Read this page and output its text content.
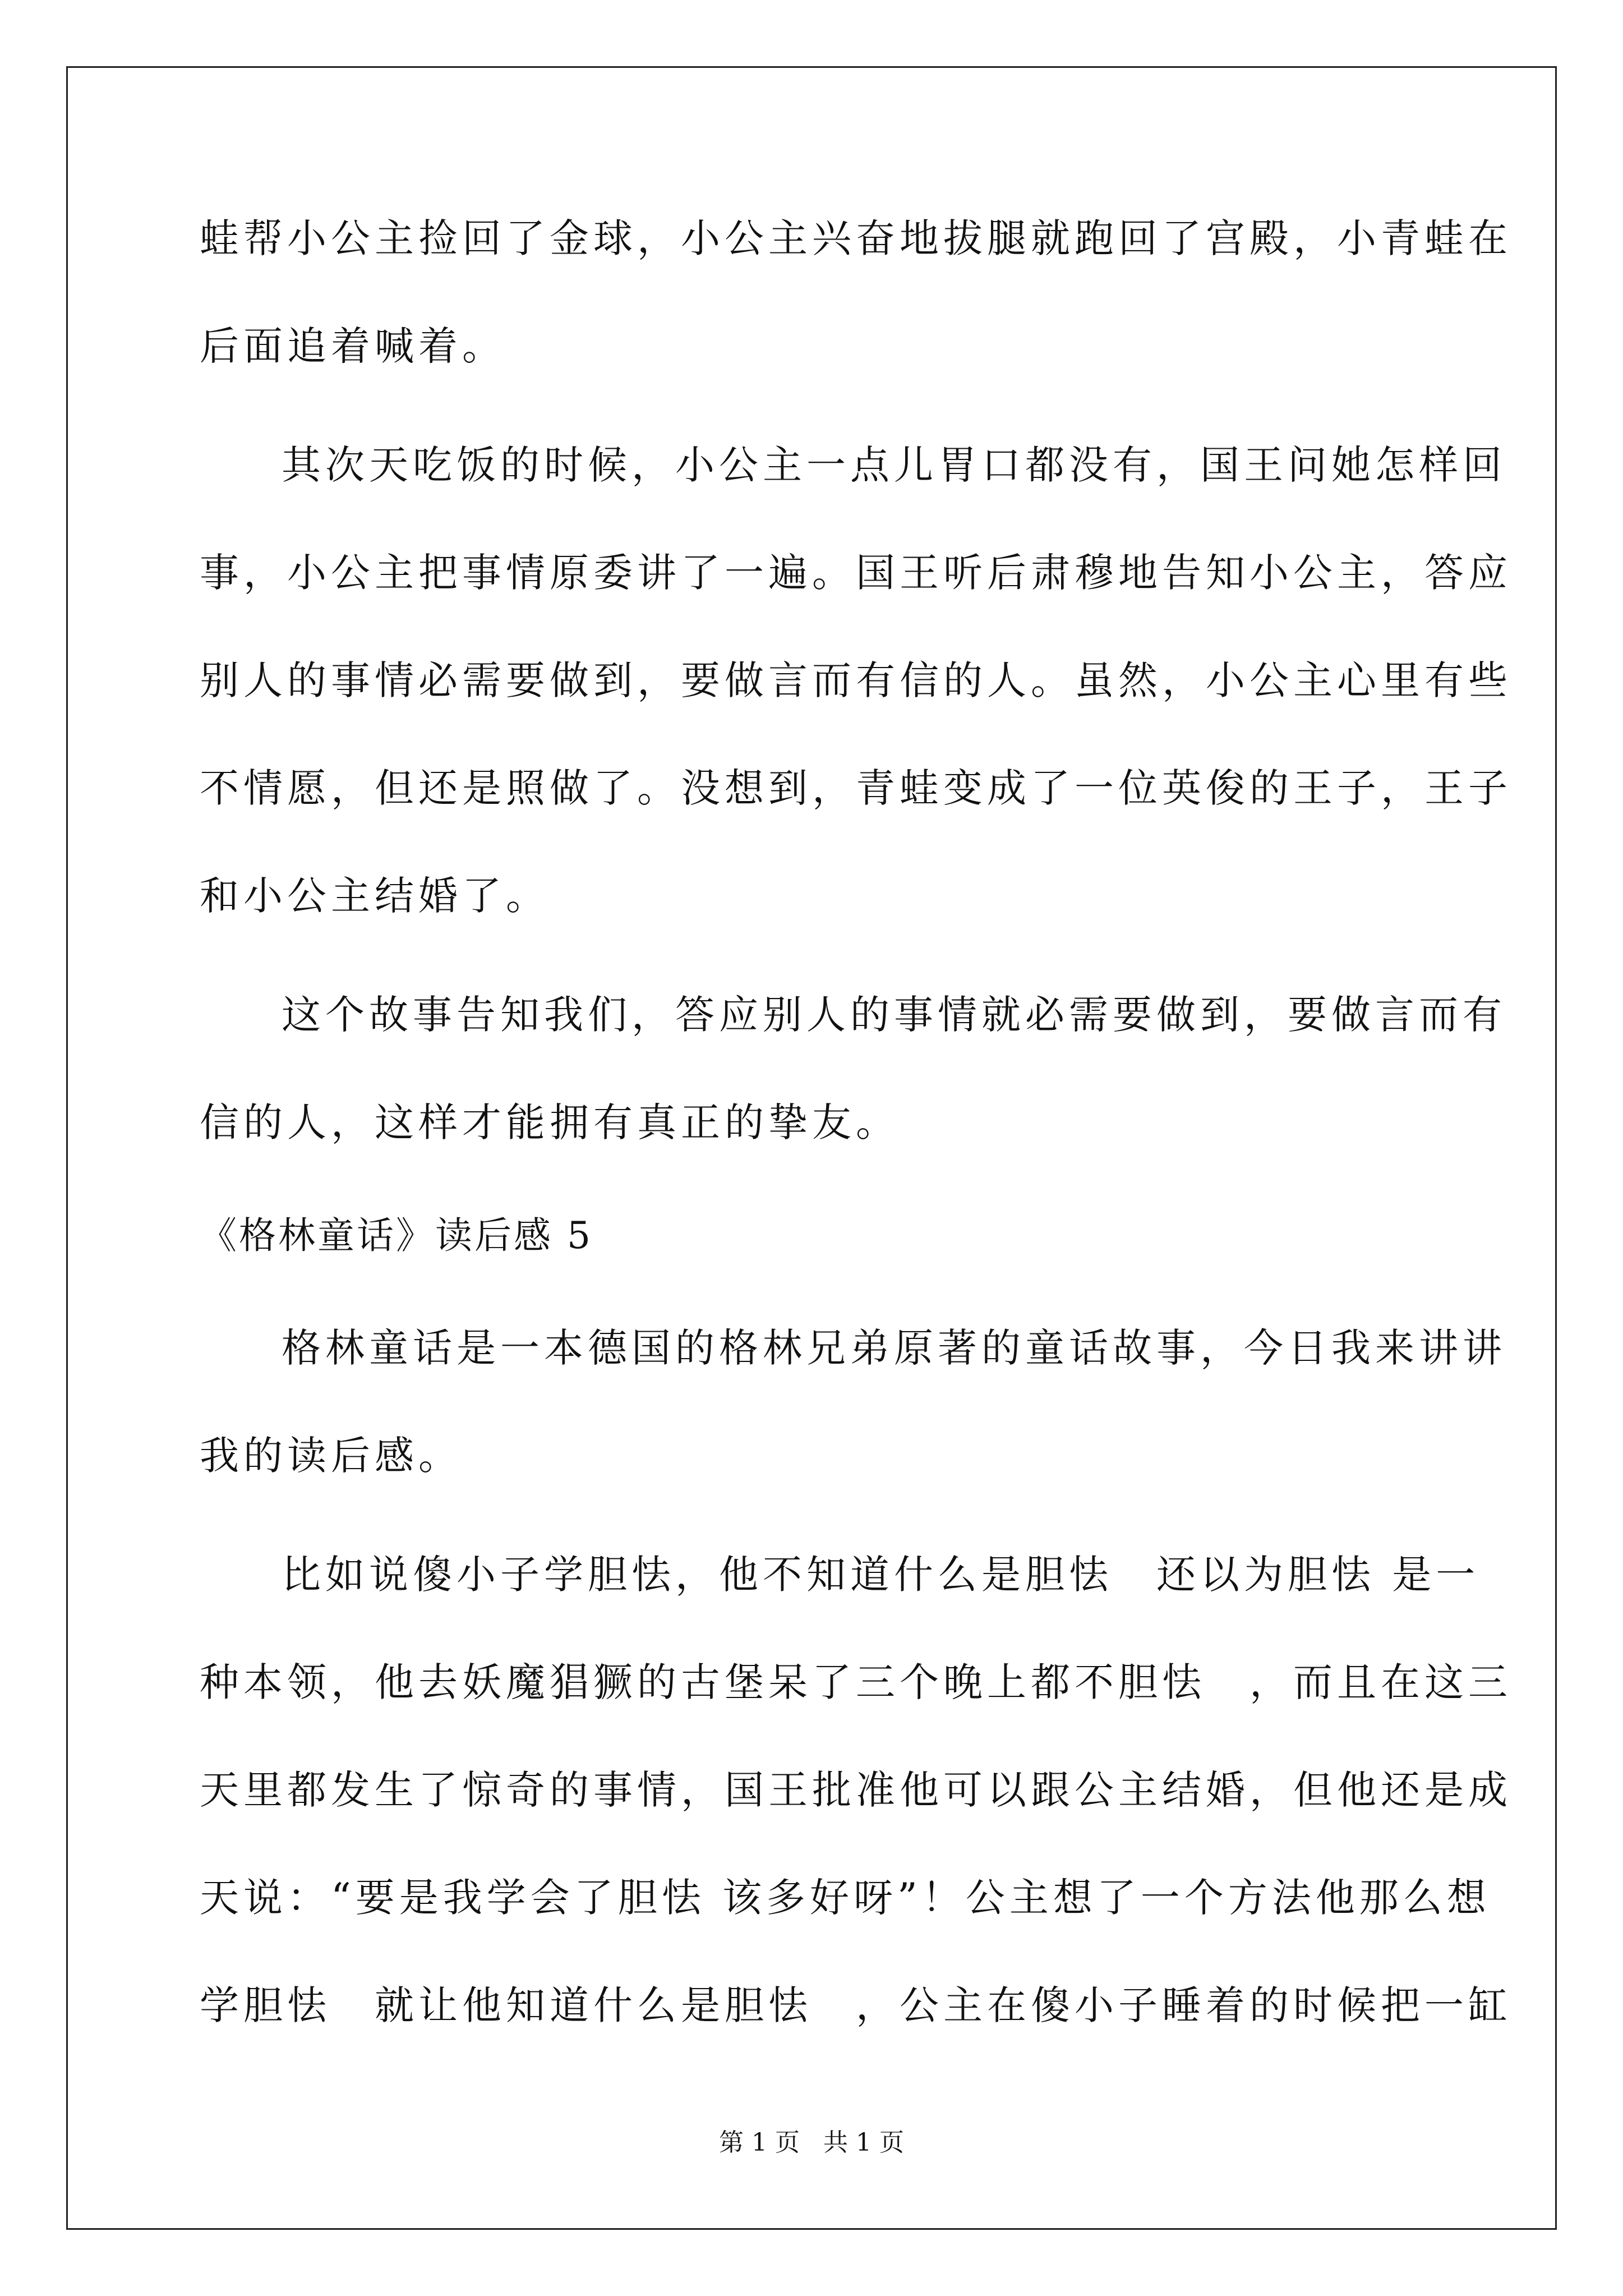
蛙帮小公主捡回了金球，小公主兴奋地拔腿就跑回了宫殿，小青蛙在
后面追着喊着。
其次天吃饭的时候，小公主一点儿胃口都没有，国王问她怎样回
事，小公主把事情原委讲了一遍。国王听后肃穆地告知小公主，答应
别人的事情必需要做到，要做言而有信的人。虽然，小公主心里有些
不情愿，但还是照做了。没想到，青蛙变成了一位英俊的王子，王子
和小公主结婚了。
这个故事告知我们，答应别人的事情就必需要做到，要做言而有
信的人，这样才能拥有真正的挚友。
《格林童话》读后感 5
格林童话是一本德国的格林兄弟原著的童话故事，今日我来讲讲
我的读后感。
比如说傻小子学胆怯，他不知道什么是胆怯　还以为胆怯 是一
种本领，他去妖魔猖獗的古堡呆了三个晚上都不胆怯　，而且在这三
天里都发生了惊奇的事情，国王批准他可以跟公主结婚，但他还是成
天说：“要是我学会了胆怯 该多好呀”！公主想了一个方法他那么想
学胆怯　就让他知道什么是胆怯　，公主在傻小子睡着的时候把一缸
第 1 页 共 1 页
